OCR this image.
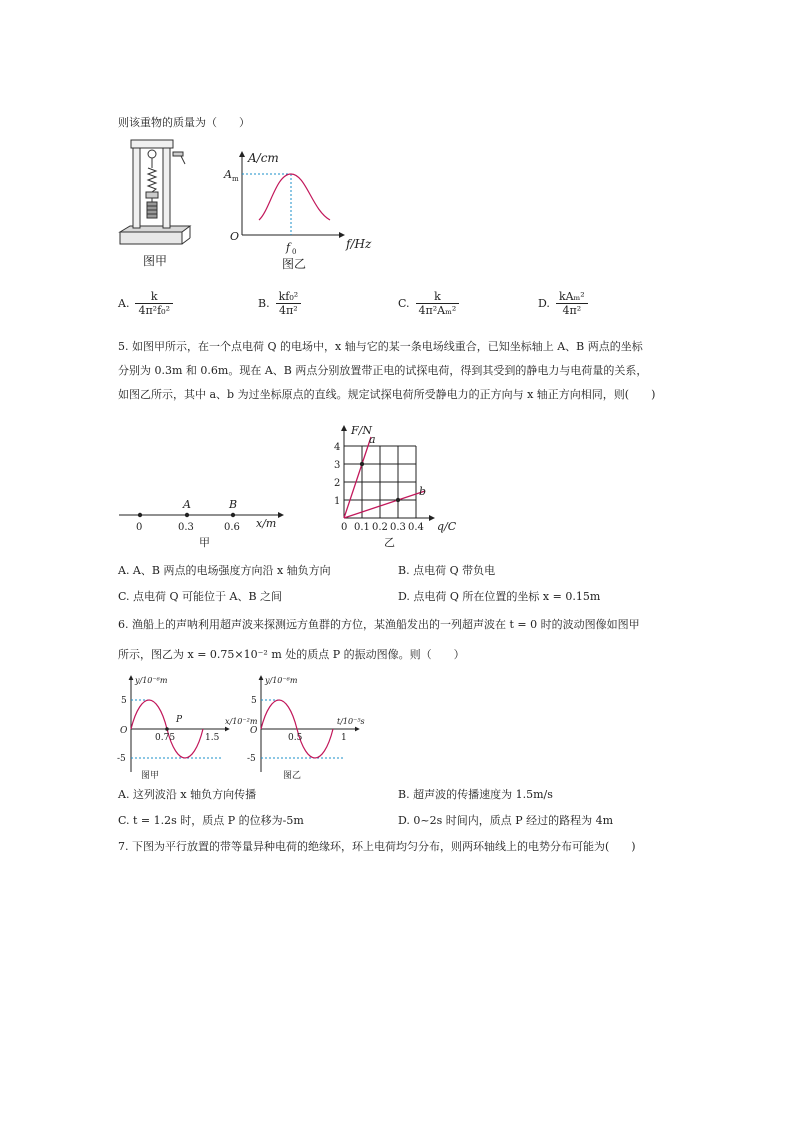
则该重物的质量为（　　）
图甲
A/cm
A m
O
f 0
f/Hz
图乙
A. $\frac{k}{\text{4π²f₀²}}$	B. $\frac{\text{kf₀²}}{\text{4π²}}$	C. $\frac{k}{\text{4π²Aₘ²}}$	D. $\frac{\text{kAₘ²}}{\text{4π²}}$
5. 如图甲所示，在一个点电荷 Q 的电场中，x 轴与它的某一条电场线重合，已知坐标轴上 A、B 两点的坐标
分别为 0.3m 和 0.6m。现在 A、B 两点分别放置带正电的试探电荷，得到其受到的静电力与电荷量的关系，
如图乙所示，其中 a、b 为过坐标原点的直线。规定试探电荷所受静电力的正方向与 x 轴正方向相同，则(　　)
A	B
0	0.3	0.6 x/m
甲
F/N
a
b
4
3
2
1
0 0.1 0.2 0.3 0.4 q/C
乙
A. A、B 两点的电场强度方向沿 x 轴负方向	B. 点电荷 Q 带负电
C. 点电荷 Q 可能位于 A、B 之间	D. 点电荷 Q 所在位置的坐标 x = 0.15m
6. 渔船上的声呐利用超声波来探测远方鱼群的方位，某渔船发出的一列超声波在 t = 0 时的波动图像如图甲
所示，图乙为 x = 0.75×10⁻² m 处的质点 P 的振动图像。则（　　）
y/10⁻⁶m
x/10⁻²m
5
-5
O
0.75	1.5
P
图甲
y/10⁻⁶m
t/10⁻⁵s
5
-5
O
0.5	1
图乙
A. 这列波沿 x 轴负方向传播	B. 超声波的传播速度为 1.5m/s
C. t = 1.2s 时，质点 P 的位移为-5m	D. 0~2s 时间内，质点 P 经过的路程为 4m
7. 下图为平行放置的带等量异种电荷的绝缘环，环上电荷均匀分布，则两环轴线上的电势分布可能为(　　)
